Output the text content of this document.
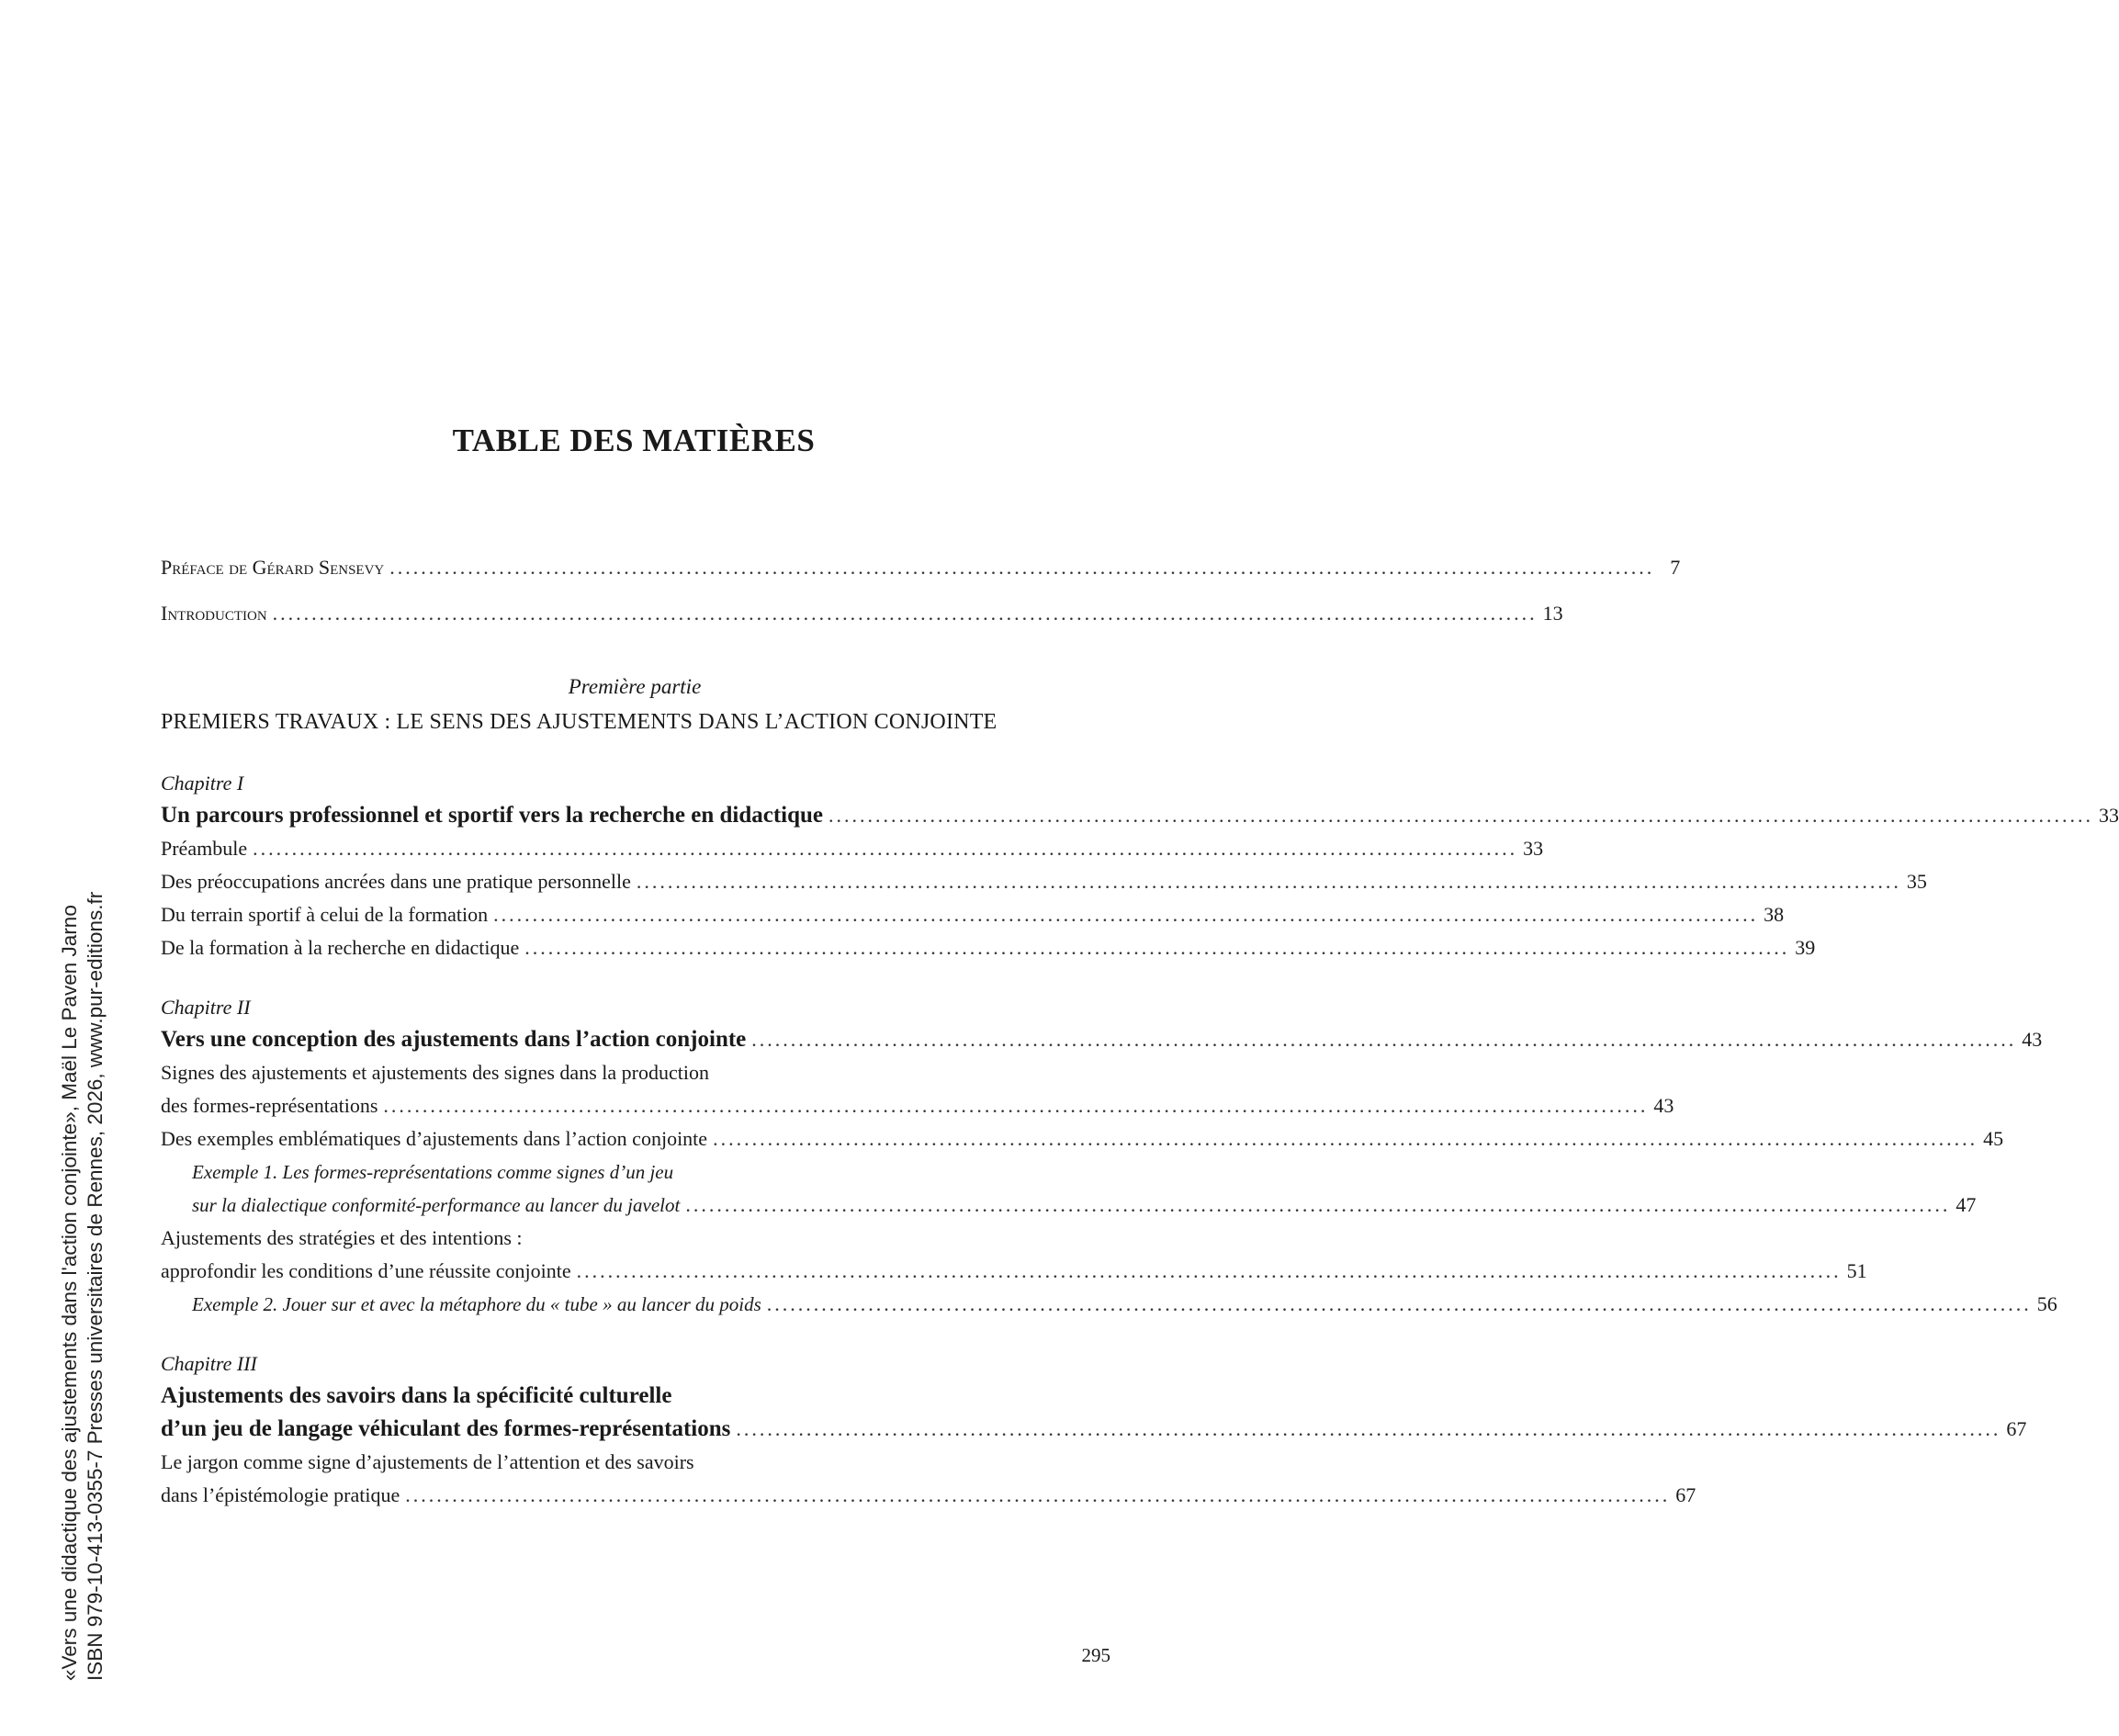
TABLE DES MATIÈRES
Préface de Gérard Sensevy .................................................................................................................................................................. 7
Introduction .................................................................................................................................................................. 13
Première partie
PREMIERS TRAVAUX : LE SENS DES AJUSTEMENTS DANS L’ACTION CONJOINTE
Chapitre I
Un parcours professionnel et sportif vers la recherche en didactique .................................................................................................................................................................. 33
Préambule .................................................................................................................................................................. 33
Des préoccupations ancrées dans une pratique personnelle .................................................................................................................................................................. 35
Du terrain sportif à celui de la formation .................................................................................................................................................................. 38
De la formation à la recherche en didactique .................................................................................................................................................................. 39
Chapitre II
Vers une conception des ajustements dans l’action conjointe .................................................................................................................................................................. 43
Signes des ajustements et ajustements des signes dans la production
des formes-représentations .................................................................................................................................................................. 43
Des exemples emblématiques d’ajustements dans l’action conjointe .................................................................................................................................................................. 45
Exemple 1. Les formes-représentations comme signes d’un jeu
sur la dialectique conformité-performance au lancer du javelot .................................................................................................................................................................. 47
Ajustements des stratégies et des intentions :
approfondir les conditions d’une réussite conjointe .................................................................................................................................................................. 51
Exemple 2. Jouer sur et avec la métaphore du « tube » au lancer du poids .................................................................................................................................................................. 56
Chapitre III
Ajustements des savoirs dans la spécificité culturelle
d’un jeu de langage véhiculant des formes-représentations .................................................................................................................................................................. 67
Le jargon comme signe d’ajustements de l’attention et des savoirs
dans l’épistémologie pratique .................................................................................................................................................................. 67
295
«Vers une didactique des ajustements dans l'action conjointe», Maël Le Paven Jarno ISBN 979-10-413-0355-7 Presses universitaires de Rennes, 2026, www.pur-editions.fr
